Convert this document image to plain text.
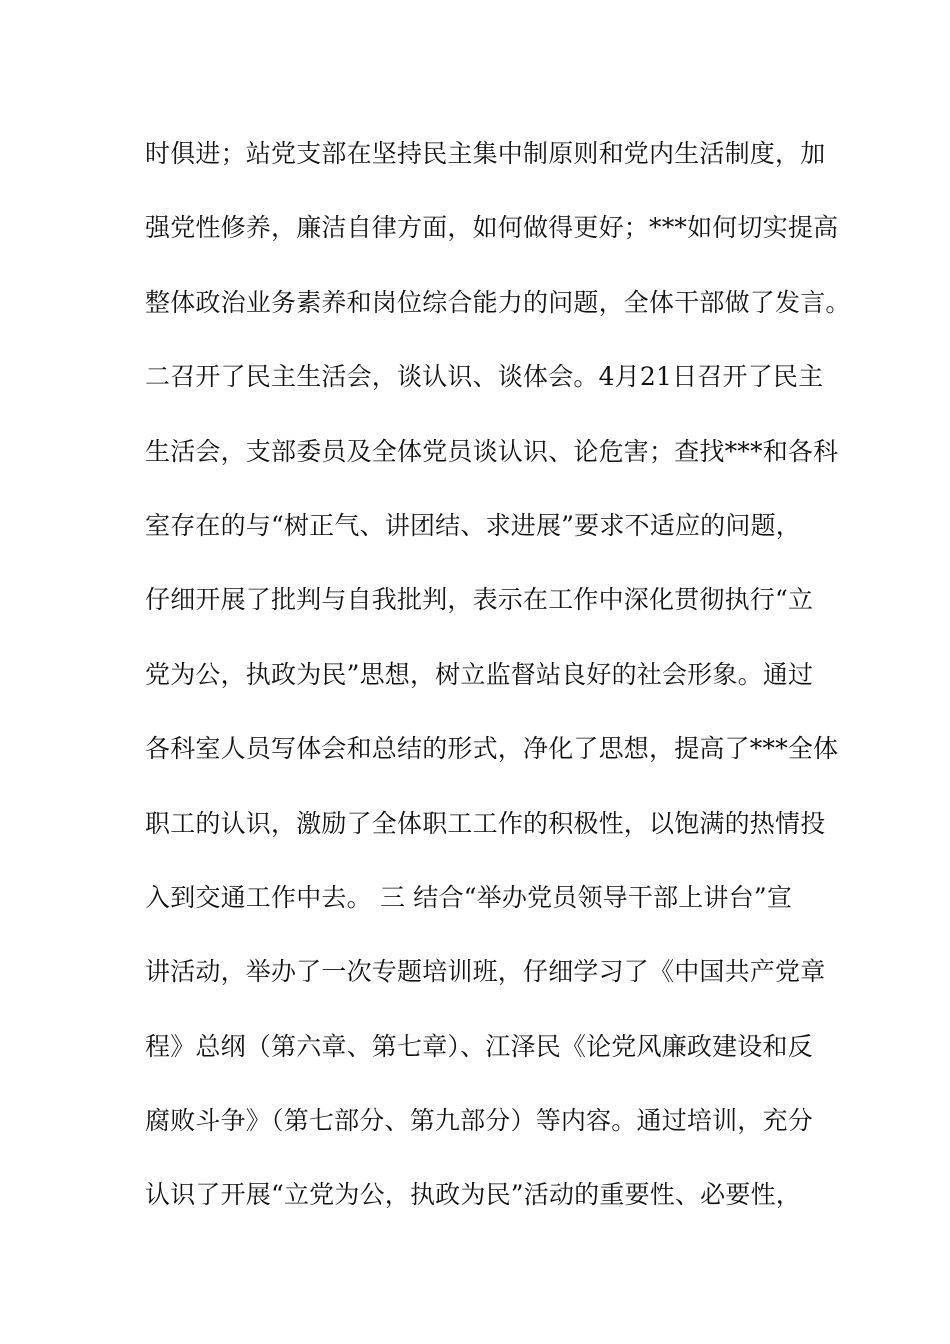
时俱进；站党支部在坚持民主集中制原则和党内生活制度，加
强党性修养，廉洁自律方面，如何做得更好；***如何切实提高
整体政治业务素养和岗位综合能力的问题，全体干部做了发言。
二召开了民主生活会，谈认识、谈体会。4月21日召开了民主
生活会，支部委员及全体党员谈认识、论危害；查找***和各科
室存在的与“树正气、讲团结、求进展”要求不适应的问题，
仔细开展了批判与自我批判，表示在工作中深化贯彻执行“立
党为公，执政为民”思想，树立监督站良好的社会形象。通过
各科室人员写体会和总结的形式，净化了思想，提高了***全体
职工的认识，激励了全体职工工作的积极性，以饱满的热情投
入到交通工作中去。 三 结合“举办党员领导干部上讲台”宣
讲活动，举办了一次专题培训班，仔细学习了《中国共产党章
程》总纲（第六章、第七章）、江泽民《论党风廉政建设和反
腐败斗争》（第七部分、第九部分）等内容。通过培训，充分
认识了开展“立党为公，执政为民”活动的重要性、必要性，
